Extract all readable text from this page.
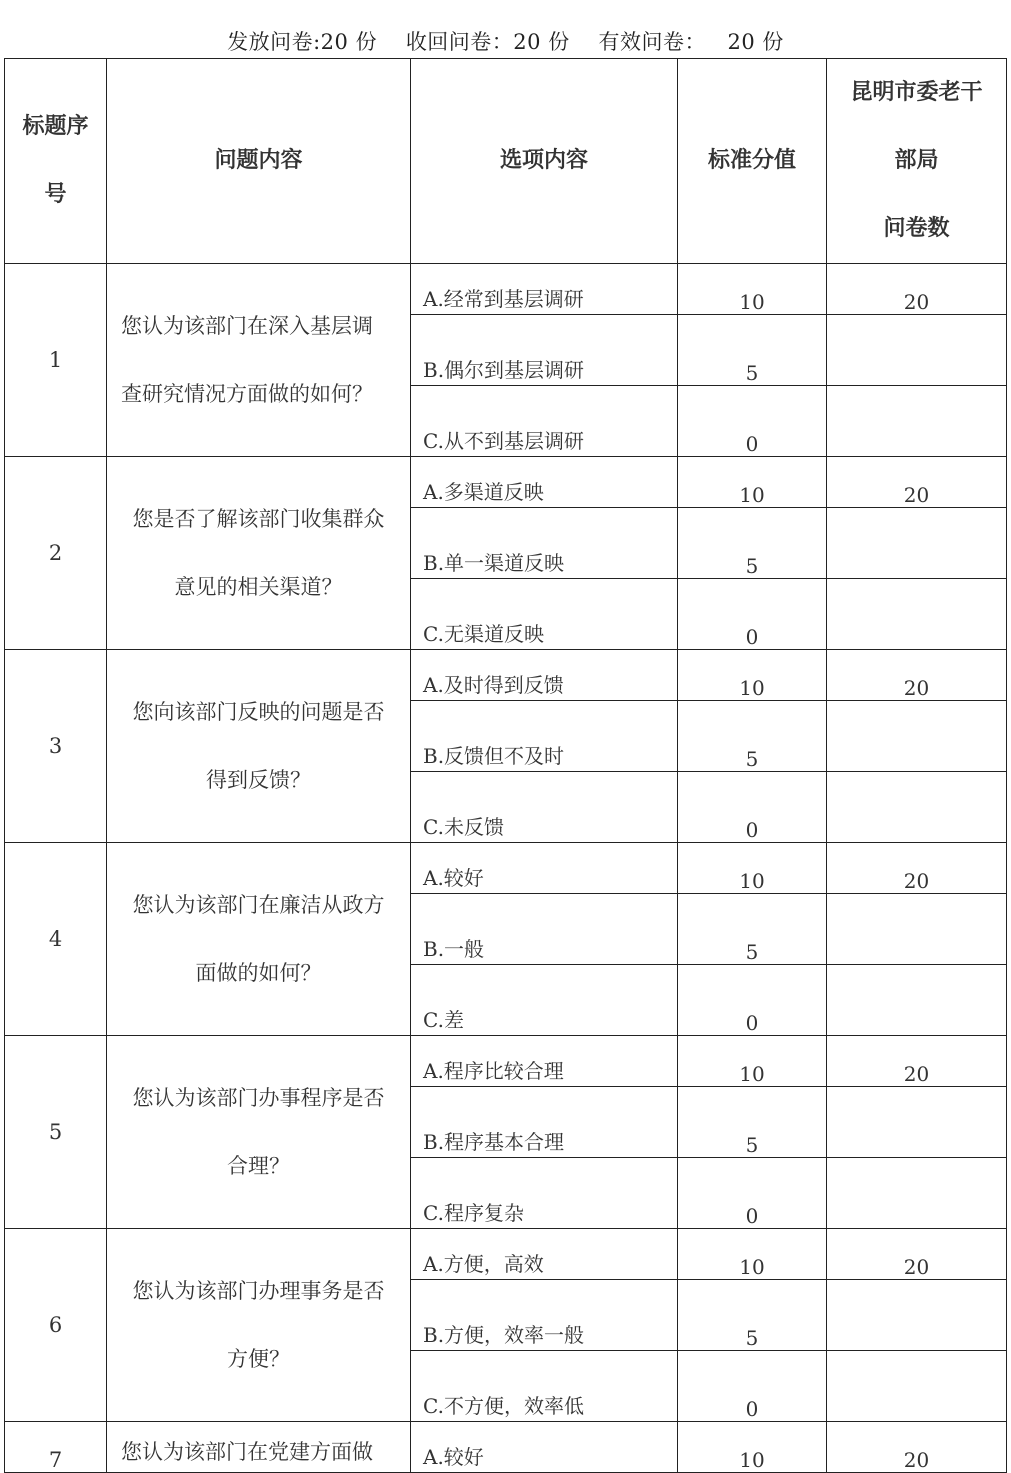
发放问卷:20 份 收回问卷：20 份 有效问卷：   20 份
标题序
号	问题内容	选项内容	标准分值	昆明市委老干
部局
问卷数

1	您认为该部门在深入基层调
查研究情况方面做的如何？	A.经常到基层调研	10	20
		B.偶尔到基层调研	5	
		C.从不到基层调研	0	
2	您是否了解该部门收集群众
意见的相关渠道？	A.多渠道反映	10	20
		B.单一渠道反映	5	
		C.无渠道反映	0	
3	您向该部门反映的问题是否
得到反馈？	A.及时得到反馈	10	20
		B.反馈但不及时	5	
		C.未反馈	0	
4	您认为该部门在廉洁从政方
面做的如何？	A.较好	10	20
		B.一般	5	
		C.差	0	
5	您认为该部门办事程序是否
合理？	A.程序比较合理	10	20
		B.程序基本合理	5	
		C.程序复杂	0	
6	您认为该部门办理事务是否
方便？	A.方便，高效	10	20
		B.方便，效率一般	5	
		C.不方便，效率低	0	
7	您认为该部门在党建方面做	A.较好	10	20
